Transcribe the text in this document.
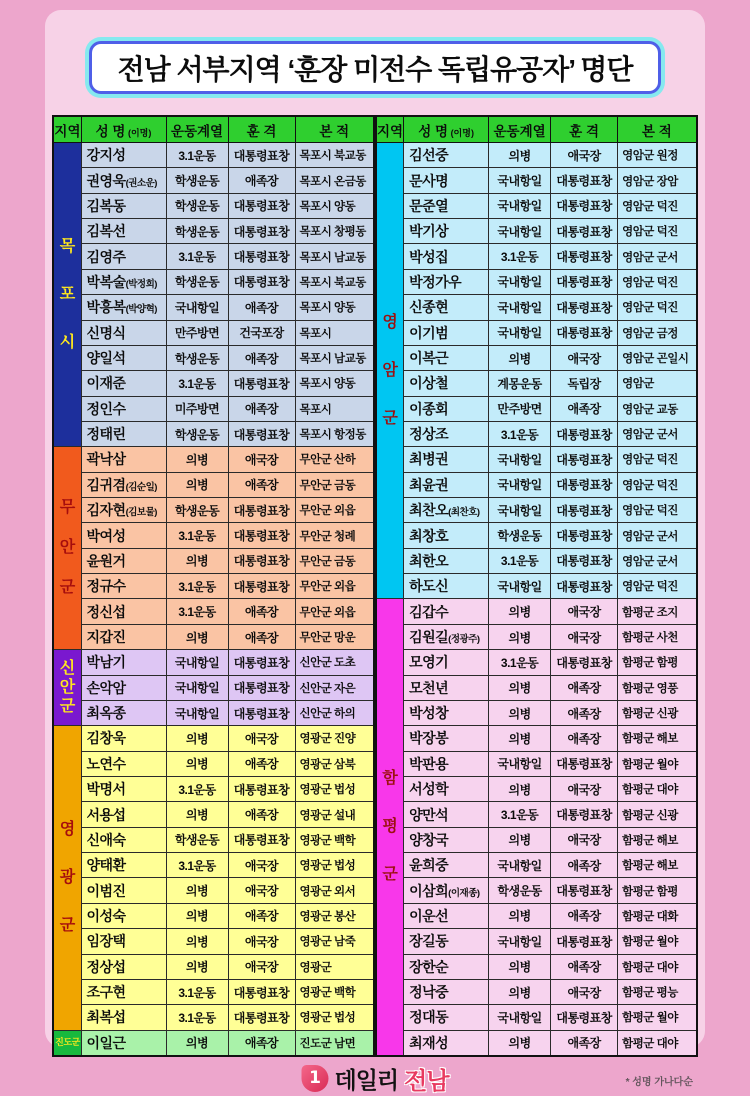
전남 서부지역 ‘훈장 미전수 독립유공자’ 명단
지역	성 명 (이명)	운동계열	훈 격	본 적

목
포
시	강지성	3.1운동	대통령표창	목포시 북교동
	권영욱(권소운)	학생운동	애족장	목포시 온금동
	김복동	학생운동	대통령표창	목포시 양동
	김복선	학생운동	대통령표창	목포시 창평동
	김영주	3.1운동	대통령표창	목포시 남교동
	박복술(박정희)	학생운동	대통령표창	목포시 북교동
	박흥복(박양혁)	국내항일	애족장	목포시 양동
	신명식	만주방면	건국포장	목포시
	양일석	학생운동	애족장	목포시 남교동
	이재준	3.1운동	대통령표창	목포시 양동
	정인수	미주방면	애족장	목포시
	정태린	학생운동	대통령표창	목포시 항정동

무
안
군	곽낙삼	의병	애국장	무안군 산하
	김귀겸(김순일)	의병	애족장	무안군 금동
	김자현(김보물)	학생운동	대통령표창	무안군 외읍
	박여성	3.1운동	대통령표창	무안군 청례
	윤원거	의병	대통령표창	무안군 금동
	정규수	3.1운동	대통령표창	무안군 외읍
	정신섭	3.1운동	애족장	무안군 외읍
	지갑진	의병	애족장	무안군 망운

신
안
군	박남기	국내항일	대통령표창	신안군 도초
	손악암	국내항일	대통령표창	신안군 자은
	최옥종	국내항일	대통령표창	신안군 하의

영
광
군	김창욱	의병	애국장	영광군 진양
	노연수	의병	애족장	영광군 삼북
	박명서	3.1운동	대통령표창	영광군 법성
	서용섭	의병	애족장	영광군 설내
	신애숙	학생운동	대통령표창	영광군 백학
	양태환	3.1운동	애국장	영광군 법성
	이범진	의병	애국장	영광군 외서
	이성숙	의병	애족장	영광군 봉산
	임장택	의병	애국장	영광군 남죽
	정상섭	의병	애국장	영광군
	조구현	3.1운동	대통령표창	영광군 백학
	최복섭	3.1운동	대통령표창	영광군 법성

진도군	이일근	의병	애족장	진도군 남면
지역	성 명 (이명)	운동계열	훈 격	본 적

영
암
군	김선중	의병	애국장	영암군 원정
	문사명	국내항일	대통령표창	영암군 장암
	문준열	국내항일	대통령표창	영암군 덕진
	박기상	국내항일	대통령표창	영암군 덕진
	박성집	3.1운동	대통령표창	영암군 군서
	박정가우	국내항일	대통령표창	영암군 덕진
	신종현	국내항일	대통령표창	영암군 덕진
	이기범	국내항일	대통령표창	영암군 금정
	이복근	의병	애국장	영암군 곤일시
	이상철	계몽운동	독립장	영암군
	이종회	만주방면	애족장	영암군 교동
	정상조	3.1운동	대통령표창	영암군 군서
	최병권	국내항일	대통령표창	영암군 덕진
	최윤권	국내항일	대통령표창	영암군 덕진
	최찬오(최찬호)	국내항일	대통령표창	영암군 덕진
	최창호	학생운동	대통령표창	영암군 군서
	최한오	3.1운동	대통령표창	영암군 군서
	하도신	국내항일	대통령표창	영암군 덕진

함
평
군	김갑수	의병	애국장	함평군 조지
	김원길(정광주)	의병	애국장	함평군 사천
	모영기	3.1운동	대통령표창	함평군 함평
	모천년	의병	애족장	함평군 영풍
	박성창	의병	애족장	함평군 신광
	박장봉	의병	애족장	함평군 해보
	박판용	국내항일	대통령표창	함평군 월야
	서성학	의병	애국장	함평군 대야
	양만석	3.1운동	대통령표창	함평군 신광
	양창국	의병	애국장	함평군 해보
	윤희중	국내항일	애족장	함평군 해보
	이삼희(이재종)	학생운동	대통령표창	함평군 함평
	이운선	의병	애족장	함평군 대화
	장길동	국내항일	대통령표창	함평군 월야
	장한순	의병	애족장	함평군 대야
	정낙중	의병	애국장	함평군 평능
	정대동	국내항일	대통령표창	함평군 월야
	최재성	의병	애족장	함평군 대야
1 데일리 전남	* 성명 가나다순
